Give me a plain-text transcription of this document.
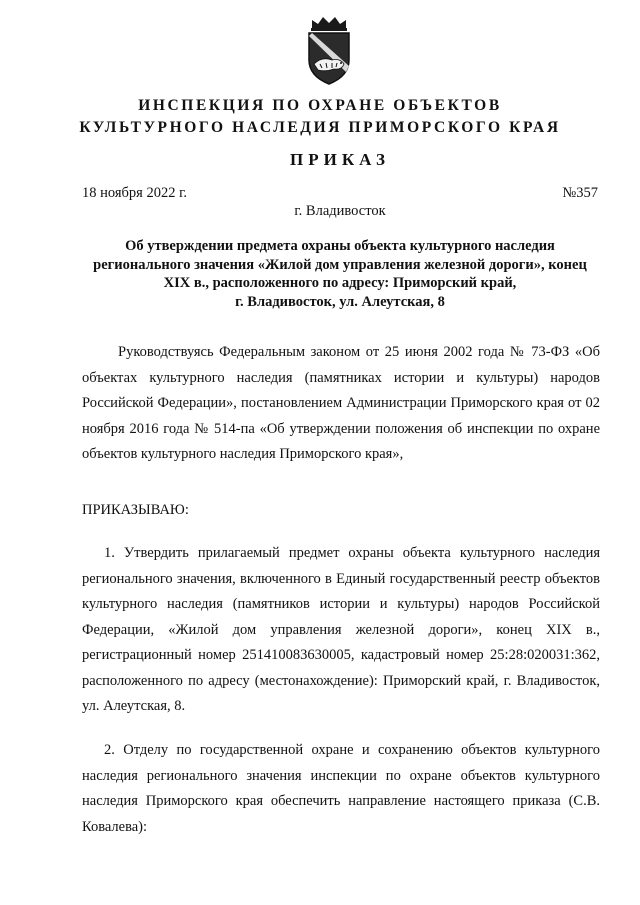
ИНСПЕКЦИЯ ПО ОХРАНЕ ОБЪЕКТОВ
КУЛЬТУРНОГО НАСЛЕДИЯ ПРИМОРСКОГО КРАЯ
ПРИКАЗ
18 ноября 2022 г.	№357
г. Владивосток
Об утверждении предмета охраны объекта культурного наследия
регионального значения «Жилой дом управления железной дороги», конец
XIX в., расположенного по адресу: Приморский край,
г. Владивосток, ул. Алеутская, 8
Руководствуясь Федеральным законом от 25 июня 2002 года № 73-ФЗ «Об объектах культурного наследия (памятниках истории и культуры) народов Российской Федерации», постановлением Администрации Приморского края от 02 ноября 2016 года № 514-па «Об утверждении положения об инспекции по охране объектов культурного наследия Приморского края»,
ПРИКАЗЫВАЮ:
1. Утвердить прилагаемый предмет охраны объекта культурного наследия регионального значения, включенного в Единый государственный реестр объектов культурного наследия (памятников истории и культуры) народов Российской Федерации, «Жилой дом управления железной дороги», конец XIX в., регистрационный номер 251410083630005, кадастровый номер 25:28:020031:362, расположенного по адресу (местонахождение): Приморский край, г. Владивосток, ул. Алеутская, 8.
2. Отделу по государственной охране и сохранению объектов культурного наследия регионального значения инспекции по охране объектов культурного наследия Приморского края обеспечить направление настоящего приказа (С.В. Ковалева):
